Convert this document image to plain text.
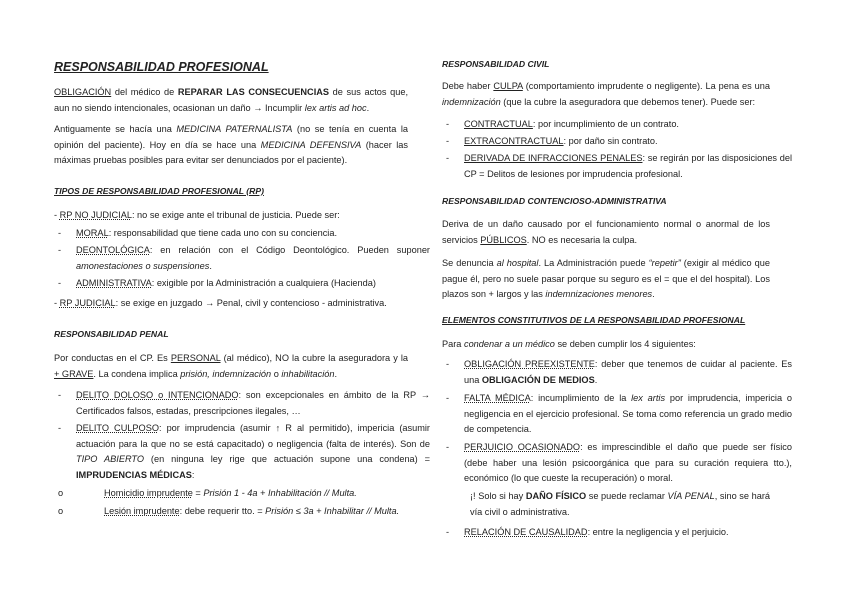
RESPONSABILIDAD PROFESIONAL
OBLIGACIÓN del médico de REPARAR LAS CONSECUENCIAS de sus actos que, aun no siendo intencionales, ocasionan un daño → Incumplir lex artis ad hoc.
Antiguamente se hacía una MEDICINA PATERNALISTA (no se tenía en cuenta la opinión del paciente). Hoy en día se hace una MEDICINA DEFENSIVA (hacer las máximas pruebas posibles para evitar ser denunciados por el paciente).
TIPOS DE RESPONSABILIDAD PROFESIONAL (RP)
- RP NO JUDICIAL: no se exige ante el tribunal de justicia. Puede ser:
- MORAL: responsabilidad que tiene cada uno con su conciencia.
- DEONTOLÓGICA: en relación con el Código Deontológico. Pueden suponer amonestaciones o suspensiones.
- ADMINISTRATIVA: exigible por la Administración a cualquiera (Hacienda)
- RP JUDICIAL: se exige en juzgado → Penal, civil y contencioso - administrativa.
RESPONSABILIDAD PENAL
Por conductas en el CP. Es PERSONAL (al médico), NO la cubre la aseguradora y la + GRAVE. La condena implica prisión, indemnización o inhabilitación.
- DELITO DOLOSO o INTENCIONADO: son excepcionales en ámbito de la RP → Certificados falsos, estadas, prescripciones ilegales, …
- DELITO CULPOSO: por imprudencia (asumir ↑ R al permitido), impericia (asumir actuación para la que no se está capacitado) o negligencia (falta de interés). Son de TIPO ABIERTO (en ninguna ley rige que actuación supone una condena) = IMPRUDENCIAS MÉDICAS:
o Homicidio imprudente = Prisión 1 - 4a + Inhabilitación // Multa.
o Lesión imprudente: debe requerir tto. = Prisión ≤ 3a + Inhabilitar // Multa.
RESPONSABILIDAD CIVIL
Debe haber CULPA (comportamiento imprudente o negligente). La pena es una indemnización (que la cubre la aseguradora que debemos tener). Puede ser:
- CONTRACTUAL: por incumplimiento de un contrato.
- EXTRACONTRACTUAL: por daño sin contrato.
- DERIVADA DE INFRACCIONES PENALES: se regirán por las disposiciones del CP = Delitos de lesiones por imprudencia profesional.
RESPONSABILIDAD CONTENCIOSO-ADMINISTRATIVA
Deriva de un daño causado por el funcionamiento normal o anormal de los servicios PÚBLICOS. NO es necesaria la culpa.
Se denuncia al hospital. La Administración puede “repetir” (exigir al médico que pague él, pero no suele pasar porque su seguro es el = que el del hospital). Los plazos son + largos y las indemnizaciones menores.
ELEMENTOS CONSTITUTIVOS DE LA RESPONSABILIDAD PROFESIONAL
Para condenar a un médico se deben cumplir los 4 siguientes:
- OBLIGACIÓN PREEXISTENTE: deber que tenemos de cuidar al paciente. Es una OBLIGACIÓN DE MEDIOS.
- FALTA MÉDICA: incumplimiento de la lex artis por imprudencia, impericia o negligencia en el ejercicio profesional. Se toma como referencia un grado medio de competencia.
- PERJUICIO OCASIONADO: es imprescindible el daño que puede ser físico (debe haber una lesión psicoorgánica que para su curación requiera tto.), económico (lo que cueste la recuperación) o moral.
¡! Solo si hay DAÑO FÍSICO se puede reclamar VÍA PENAL, sino se hará vía civil o administrativa.
- RELACIÓN DE CAUSALIDAD: entre la negligencia y el perjuicio.
